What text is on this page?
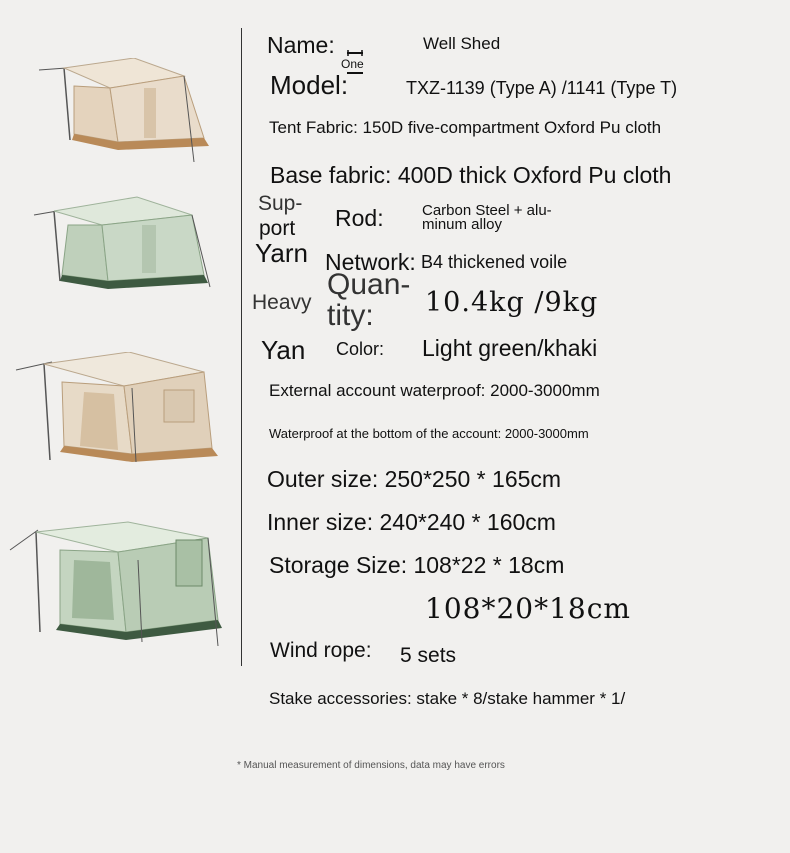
Name:
One
Well Shed
Model:	TXZ-1139 (Type A) /1141 (Type T)
Tent Fabric: 150D five-compartment Oxford Pu cloth
Base fabric: 400D thick Oxford Pu cloth
Sup-
port Rod:	Carbon Steel + alu-
minum alloy
Yarn Network: B4 thickened voile
Heavy
Quan-
tity: 10.4kg /9kg
Yan Color: Light green/khaki
External account waterproof: 2000-3000mm
Waterproof at the bottom of the account: 2000-3000mm
Outer size: 250*250 * 165cm
Inner size: 240*240 * 160cm
Storage Size: 108*22 * 18cm
108*20*18cm
Wind rope: 5 sets
Stake accessories: stake * 8/stake hammer * 1/
* Manual measurement of dimensions, data may have errors
